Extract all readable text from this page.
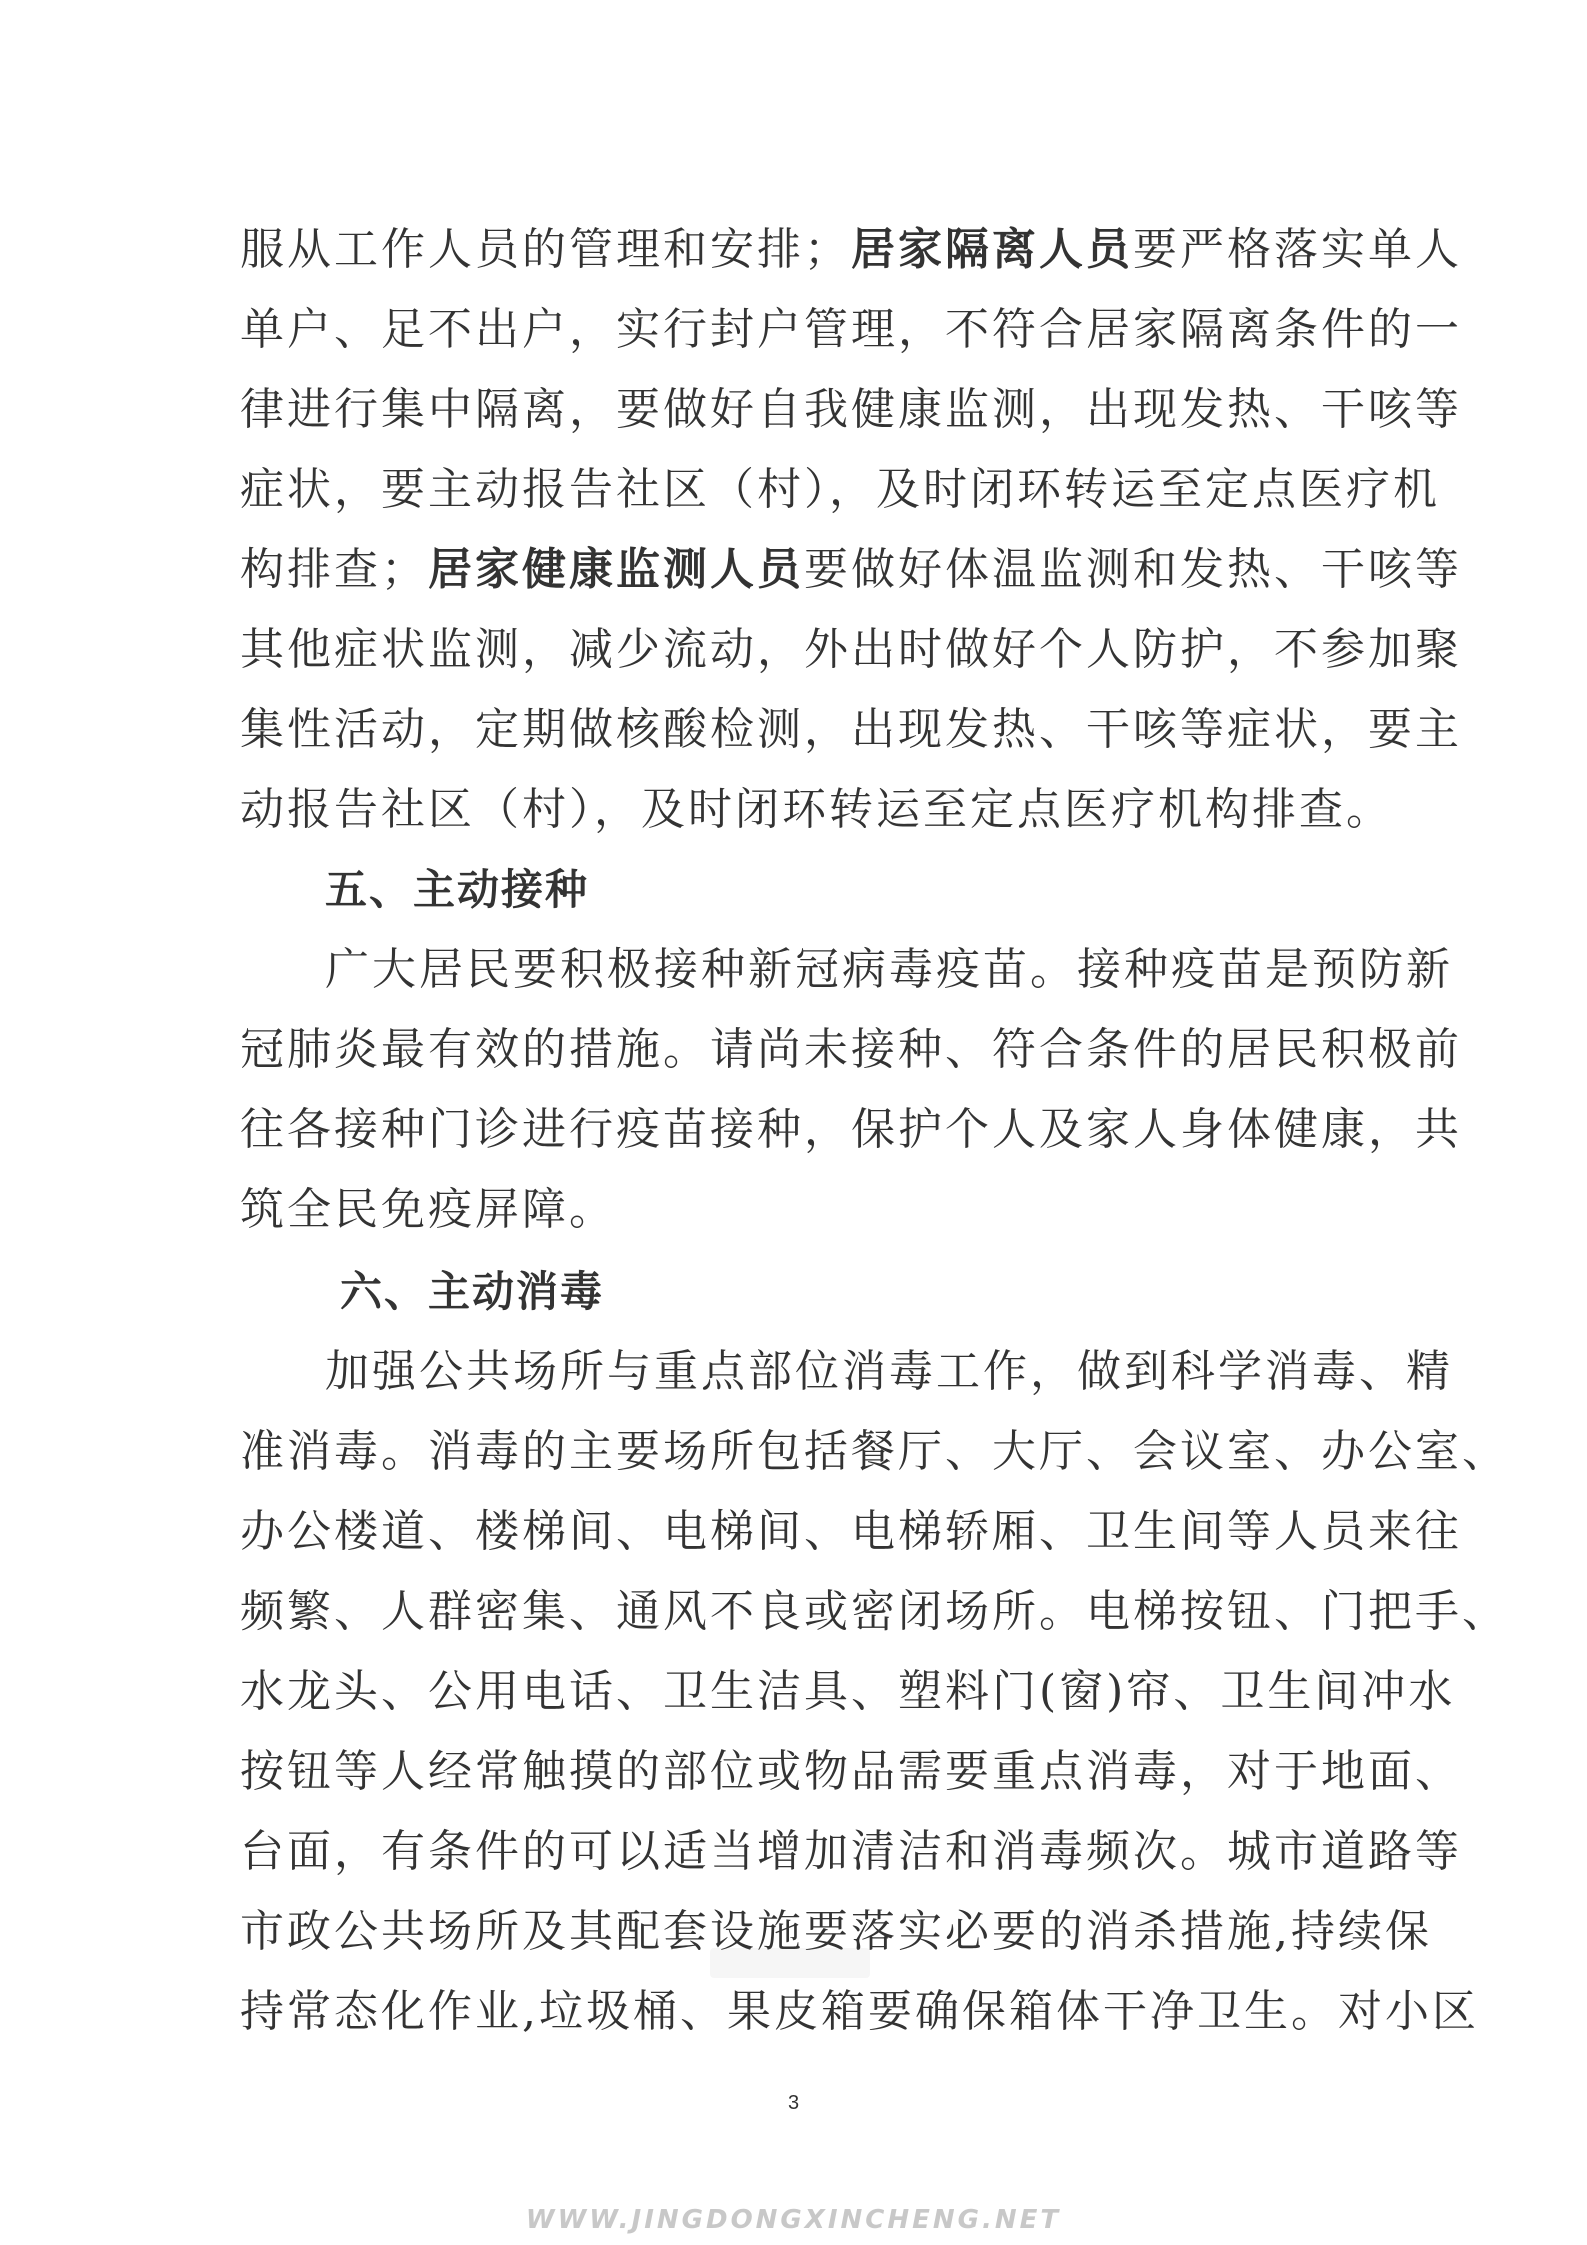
服从工作人员的管理和安排；居家隔离人员要严格落实单人
单户、足不出户，实行封户管理，不符合居家隔离条件的一
律进行集中隔离，要做好自我健康监测，出现发热、干咳等
症状，要主动报告社区（村），及时闭环转运至定点医疗机
构排查；居家健康监测人员要做好体温监测和发热、干咳等
其他症状监测，减少流动，外出时做好个人防护，不参加聚
集性活动，定期做核酸检测，出现发热、干咳等症状，要主
动报告社区（村），及时闭环转运至定点医疗机构排查。
五、主动接种
广大居民要积极接种新冠病毒疫苗。接种疫苗是预防新
冠肺炎最有效的措施。请尚未接种、符合条件的居民积极前
往各接种门诊进行疫苗接种，保护个人及家人身体健康，共
筑全民免疫屏障。
六、主动消毒
加强公共场所与重点部位消毒工作，做到科学消毒、精
准消毒。消毒的主要场所包括餐厅、大厅、会议室、办公室、
办公楼道、楼梯间、电梯间、电梯轿厢、卫生间等人员来往
频繁、人群密集、通风不良或密闭场所。电梯按钮、门把手、
水龙头、公用电话、卫生洁具、塑料门(窗)帘、卫生间冲水
按钮等人经常触摸的部位或物品需要重点消毒，对于地面、
台面，有条件的可以适当增加清洁和消毒频次。城市道路等
市政公共场所及其配套设施要落实必要的消杀措施,持续保
持常态化作业,垃圾桶、果皮箱要确保箱体干净卫生。对小区
3
WWW.JINGDONGXINCHENG.NET
